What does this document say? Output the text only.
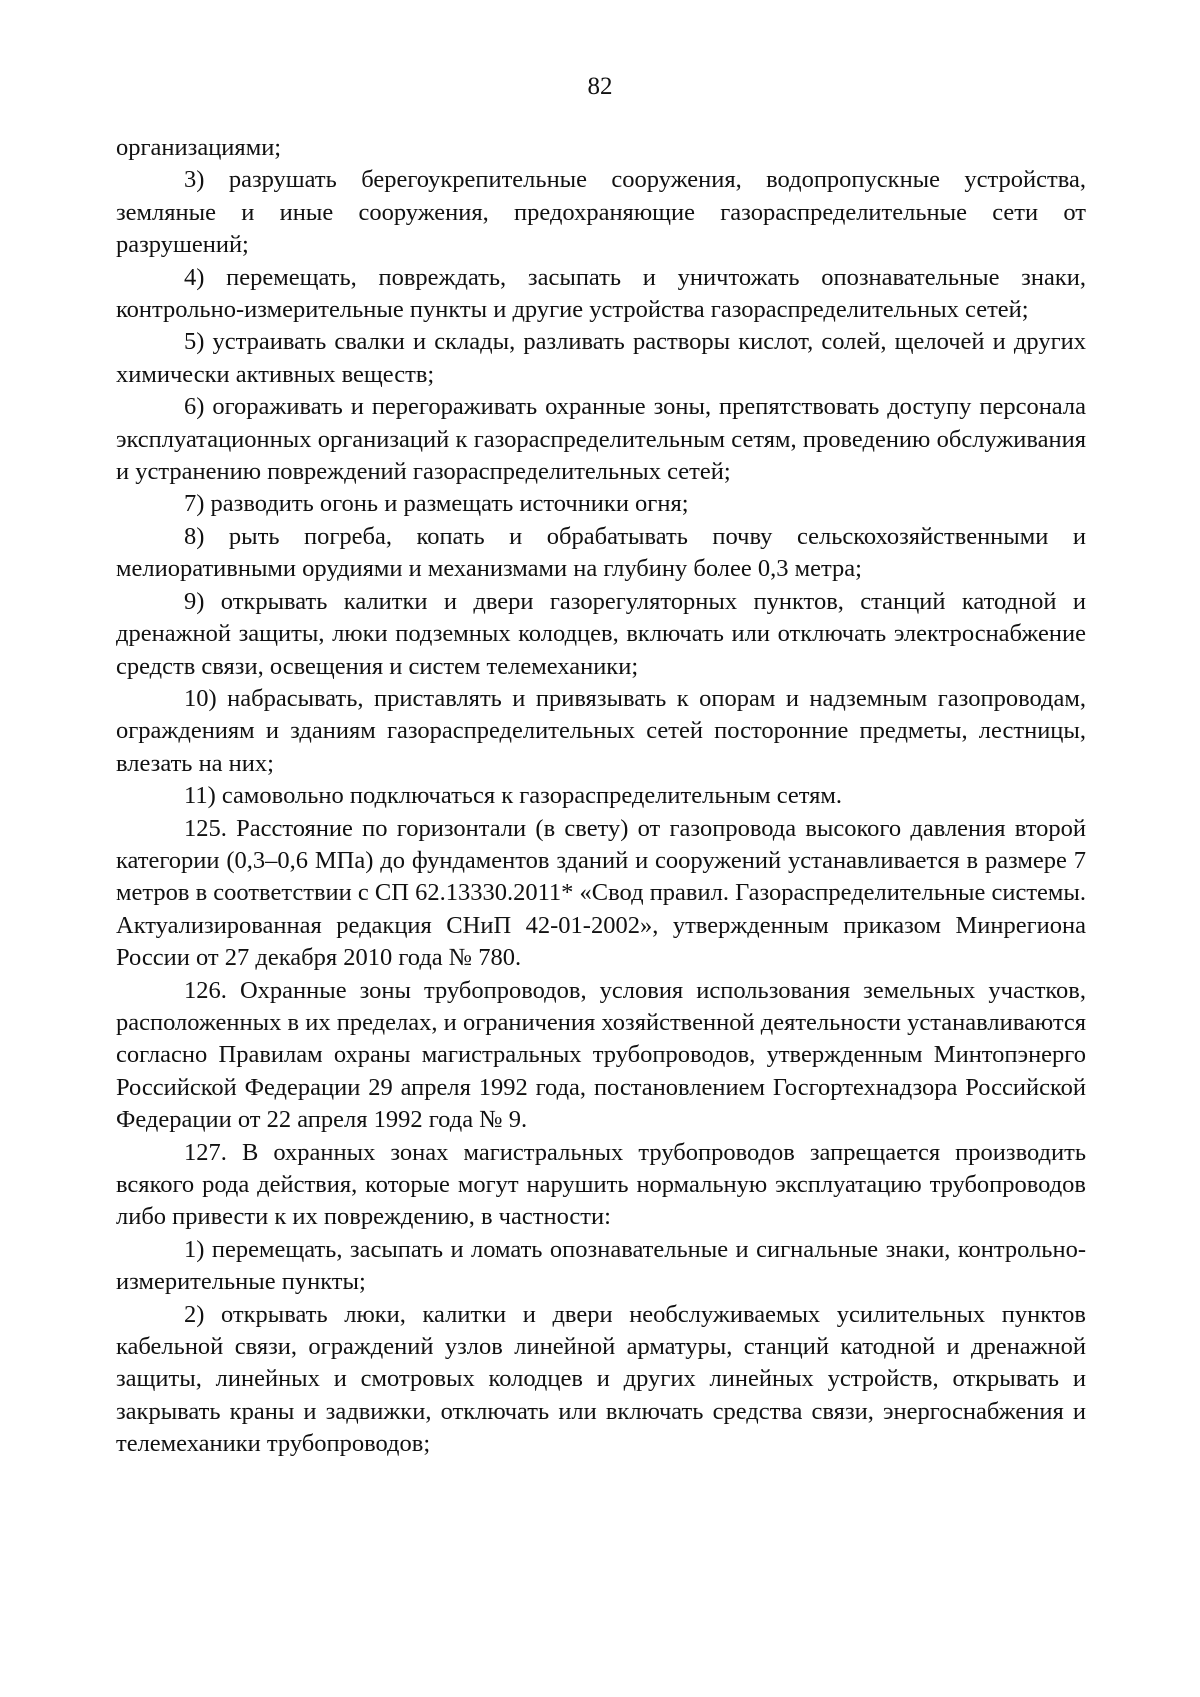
82

организациями;

3) разрушать берегоукрепительные сооружения, водопропускные устройства, земляные и иные сооружения, предохраняющие газораспределительные сети от разрушений;

4) перемещать, повреждать, засыпать и уничтожать опознавательные знаки, контрольно-измерительные пункты и другие устройства газораспределительных сетей;

5) устраивать свалки и склады, разливать растворы кислот, солей, щелочей и других химически активных веществ;

6) огораживать и перегораживать охранные зоны, препятствовать доступу персонала эксплуатационных организаций к газораспределительным сетям, проведению обслуживания и устранению повреждений газораспределительных сетей;

7) разводить огонь и размещать источники огня;

8) рыть погреба, копать и обрабатывать почву сельскохозяйственными и мелиоративными орудиями и механизмами на глубину более 0,3 метра;

9) открывать калитки и двери газорегуляторных пунктов, станций катодной и дренажной защиты, люки подземных колодцев, включать или отключать электроснабжение средств связи, освещения и систем телемеханики;

10) набрасывать, приставлять и привязывать к опорам и надземным газопроводам, ограждениям и зданиям газораспределительных сетей посторонние предметы, лестницы, влезать на них;

11) самовольно подключаться к газораспределительным сетям.

125. Расстояние по горизонтали (в свету) от газопровода высокого давления второй категории (0,3–0,6 МПа) до фундаментов зданий и сооружений устанавливается в размере 7 метров в соответствии с СП 62.13330.2011* «Свод правил. Газораспределительные системы. Актуализированная редакция СНиП 42-01-2002», утвержденным приказом Минрегиона России от 27 декабря 2010 года № 780.

126. Охранные зоны трубопроводов, условия использования земельных участков, расположенных в их пределах, и ограничения хозяйственной деятельности устанавливаются согласно Правилам охраны магистральных трубопроводов, утвержденным Минтопэнерго Российской Федерации 29 апреля 1992 года, постановлением Госгортехнадзора Российской Федерации от 22 апреля 1992 года № 9.

127. В охранных зонах магистральных трубопроводов запрещается производить всякого рода действия, которые могут нарушить нормальную эксплуатацию трубопроводов либо привести к их повреждению, в частности:

1) перемещать, засыпать и ломать опознавательные и сигнальные знаки, контрольно-измерительные пункты;

2) открывать люки, калитки и двери необслуживаемых усилительных пунктов кабельной связи, ограждений узлов линейной арматуры, станций катодной и дренажной защиты, линейных и смотровых колодцев и других линейных устройств, открывать и закрывать краны и задвижки, отключать или включать средства связи, энергоснабжения и телемеханики трубопроводов;
